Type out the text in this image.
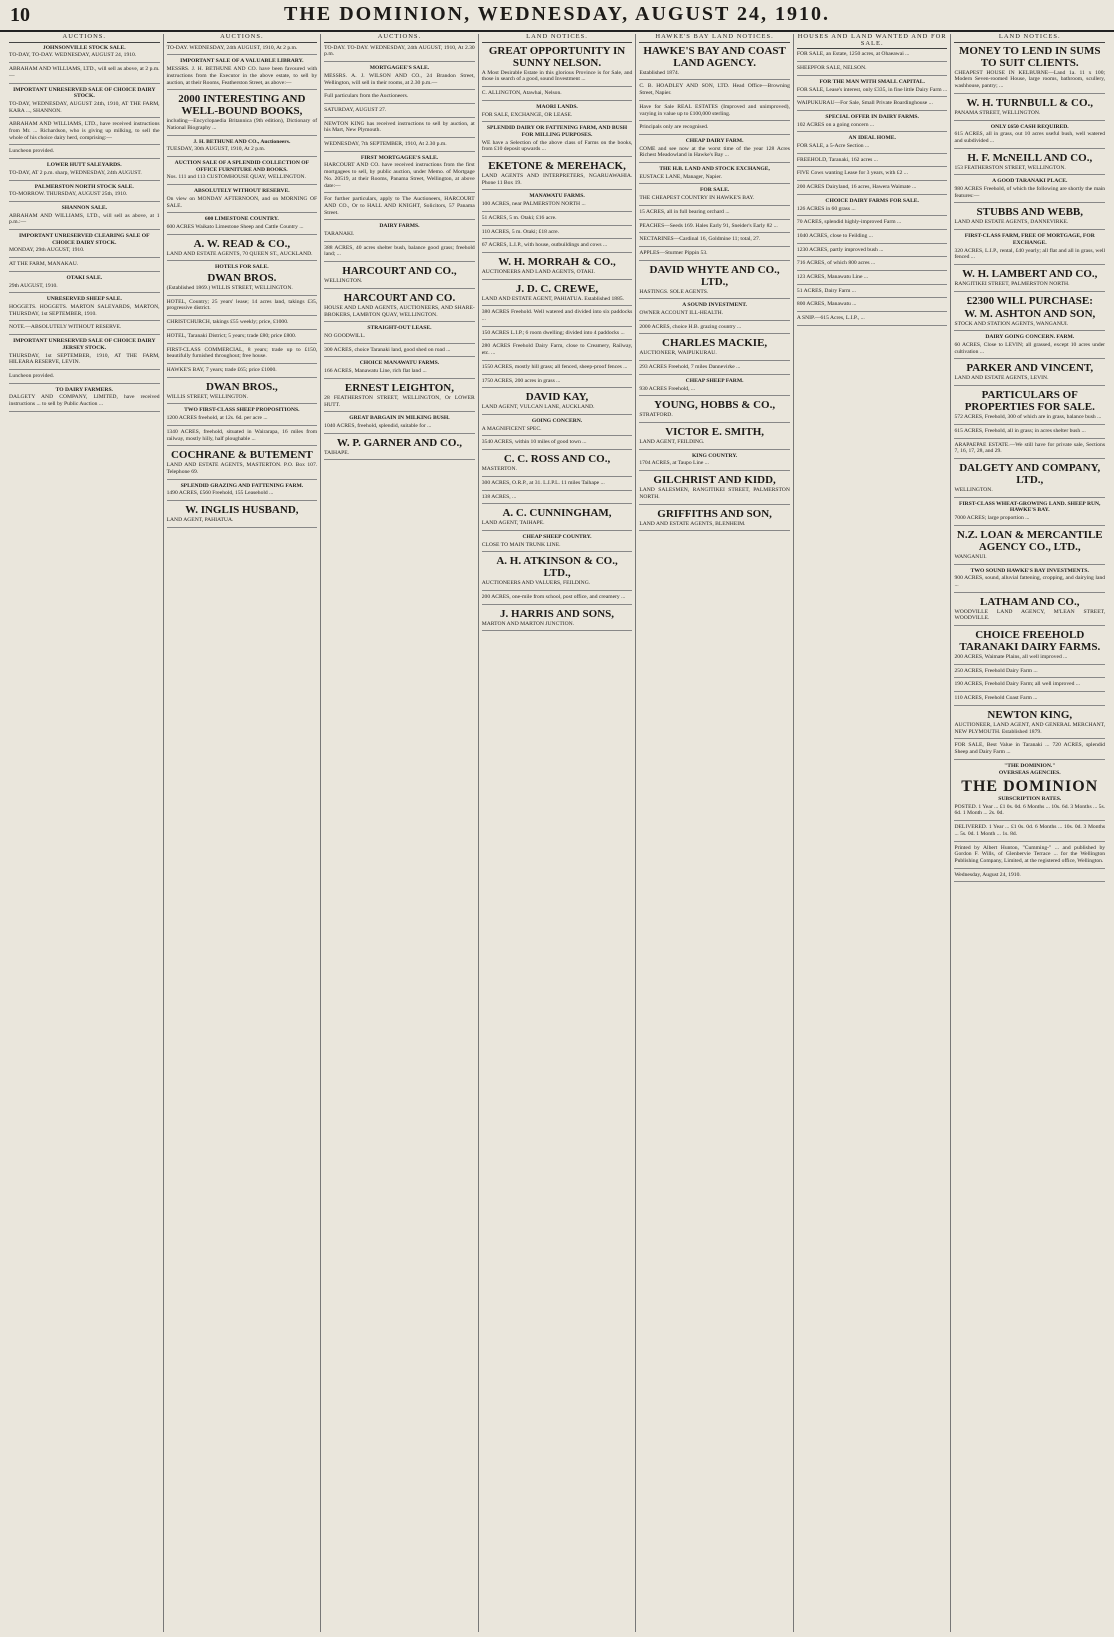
10	THE DOMINION, WEDNESDAY, AUGUST 24, 1910.
AUCTIONS.
JOHNSONVILLE STOCK SALE.
TO-DAY, TO-DAY. WEDNESDAY, AUGUST 24, 1910.
ABRAHAM AND WILLIAMS, LTD., will sell as above, at 2 p.m.—
IMPORTANT UNRESERVED SALE OF CHOICE DAIRY STOCK.
TO-DAY, WEDNESDAY, AUGUST 24th, 1910, AT THE FARM, KARA ..., SHANNON.
ABRAHAM AND WILLIAMS, LTD., have received instructions from Mr. ... Richardson, who is giving up milking, to sell the whole of his choice dairy herd, comprising:—
Luncheon provided.
LOWER HUTT SALEYARDS.
TO-DAY, AT 2 p.m. sharp, WEDNESDAY, 24th AUGUST.
PALMERSTON NORTH STOCK SALE.
TO-MORROW. THURSDAY, AUGUST 25th, 1910.
SHANNON SALE.
ABRAHAM AND WILLIAMS, LTD., will sell as above, at 1 p.m.:—
IMPORTANT UNRESERVED CLEARING SALE OF CHOICE DAIRY STOCK.
MONDAY, 29th AUGUST, 1910.
AT THE FARM, MANAKAU.
OTAKI SALE.
29th AUGUST, 1910.
UNRESERVED SHEEP SALE.
HOGGETS. HOGGETS. MARTON SALEYARDS, MARTON, THURSDAY, 1st SEPTEMBER, 1910.
NOTE.—ABSOLUTELY WITHOUT RESERVE.
IMPORTANT UNRESERVED SALE OF CHOICE DAIRY JERSEY STOCK.
THURSDAY, 1st SEPTEMBER, 1910, AT THE FARM, HILEARA RESERVE, LEVIN.
Luncheon provided.
TO DAIRY FARMERS.
DALGETY AND COMPANY, LIMITED, have received instructions ... to sell by Public Auction ...
AUCTIONS.
TO-DAY. WEDNESDAY, 24th AUGUST, 1910, At 2 p.m.
IMPORTANT SALE OF A VALUABLE LIBRARY.
MESSRS. J. H. BETHUNE AND CO. have been favoured with instructions from the Executor in the above estate, to sell by auction, at their Rooms, Featherston Street, as above:—
2000 INTERESTING AND WELL-BOUND BOOKS,
including—Encyclopaedia Britannica (9th edition), Dictionary of National Biography ...
J. H. BETHUNE AND CO., Auctioneers.
TUESDAY, 30th AUGUST, 1910, At 2 p.m.
AUCTION SALE OF A SPLENDID COLLECTION OF OFFICE FURNITURE AND BOOKS.
Nos. 111 and 113 CUSTOMHOUSE QUAY, WELLINGTON.
ABSOLUTELY WITHOUT RESERVE.
On view on MONDAY AFTERNOON, and on MORNING OF SALE.
600 LIMESTONE COUNTRY.
600 ACRES Waikato Limestone Sheep and Cattle Country ...
A. W. READ & CO.,
LAND AND ESTATE AGENTS, 70 QUEEN ST., AUCKLAND.
HOTELS FOR SALE.
DWAN BROS.
(Established 1869.) WILLIS STREET, WELLINGTON.
HOTEL, Country; 25 years' lease; 14 acres land, takings £35, progressive district.
CHRISTCHURCH, takings £55 weekly; price, £1000.
HOTEL, Taranaki District; 5 years; trade £80; price £800.
FIRST-CLASS COMMERCIAL, 8 years; trade up to £150, beautifully furnished throughout; free house.
HAWKE'S BAY, 7 years; trade £65; price £1000.
DWAN BROS.,
WILLIS STREET, WELLINGTON.
TWO FIRST-CLASS SHEEP PROPOSITIONS.
1200 ACRES freehold, at 12s. 6d. per acre ...
1340 ACRES, freehold, situated in Wairarapa, 16 miles from railway, mostly hilly, half ploughable ...
COCHRANE & BUTEMENT
LAND AND ESTATE AGENTS, MASTERTON. P.O. Box 107. Telephone 69.
SPLENDID GRAZING AND FATTENING FARM.
1490 ACRES, £560 Freehold, 155 Leasehold ...
W. INGLIS HUSBAND,
LAND AGENT, PAHIATUA.
AUCTIONS.
TO-DAY. TO-DAY. WEDNESDAY, 24th AUGUST, 1910, At 2.30 p.m.
MORTGAGEE'S SALE.
MESSRS. A. J. WILSON AND CO., 24 Brandon Street, Wellington, will sell in their rooms, at 2.30 p.m.—
Full particulars from the Auctioneers.
SATURDAY, AUGUST 27.
NEWTON KING has received instructions to sell by auction, at his Mart, New Plymouth.
WEDNESDAY, 7th SEPTEMBER, 1910, At 2.30 p.m.
FIRST MORTGAGEE'S SALE.
HARCOURT AND CO. have received instructions from the first mortgagees to sell, by public auction, under Memo. of Mortgage No. 20519, at their Rooms, Panama Street, Wellington, at above date:—
For further particulars, apply to The Auctioneers, HARCOURT AND CO., Or to HALL AND KNIGHT, Solicitors, 57 Panama Street.
DAIRY FARMS.
TARANAKI.
388 ACRES, 40 acres shelter bush, balance good grass; freehold land; ...
HARCOURT AND CO.,
WELLINGTON.
HARCOURT AND CO.
HOUSE AND LAND AGENTS, AUCTIONEERS, AND SHARE-BROKERS, LAMBTON QUAY, WELLINGTON.
STRAIGHT-OUT LEASE.
NO GOODWILL.
300 ACRES, choice Taranaki land, good shed on road ...
CHOICE MANAWATU FARMS.
166 ACRES, Manawatu Line, rich flat land ...
ERNEST LEIGHTON,
28 FEATHERSTON STREET, WELLINGTON, Or LOWER HUTT.
GREAT BARGAIN IN MILKING BUSH.
1040 ACRES, freehold, splendid, suitable for ...
W. P. GARNER AND CO.,
TAIHAPE.
LAND NOTICES.
GREAT OPPORTUNITY IN SUNNY NELSON.
A Most Desirable Estate in this glorious Province is for Sale, and those in search of a good, sound Investment ...
C. ALLINGTON, Atawhai, Nelson.
MAORI LANDS.
FOR SALE, EXCHANGE, OR LEASE.
SPLENDID DAIRY OR FATTENING FARM, AND BUSH FOR MILLING PURPOSES.
WE have a Selection of the above class of Farms on the books, from £10 deposit upwards ...
EKETONE & MEREHACK,
LAND AGENTS AND INTERPRETERS, NGARUAWAHIA. Phone 11 Box 19.
MANAWATU FARMS.
100 ACRES, near PALMERSTON NORTH ...
51 ACRES, 5 m. Otaki; £16 acre.
110 ACRES, 5 m. Otaki; £18 acre.
67 ACRES, L.I.P., with house, outbuildings and cows ...
W. H. MORRAH & CO.,
AUCTIONEERS AND LAND AGENTS, OTAKI.
J. D. C. CREWE,
LAND AND ESTATE AGENT, PAHIATUA. Established 1885.
380 ACRES Freehold. Well watered and divided into six paddocks ...
150 ACRES L.I.P.; 6 room dwelling; divided into 4 paddocks ...
280 ACRES Freehold Dairy Farm, close to Creamery, Railway, etc. ...
1550 ACRES, mostly hill grass; all fenced, sheep-proof fences ...
1750 ACRES, 200 acres in grass ...
DAVID KAY,
LAND AGENT, VULCAN LANE, AUCKLAND.
GOING CONCERN.
A MAGNIFICENT SPEC.
3540 ACRES, within 10 miles of good town ...
C. C. ROSS AND CO.,
MASTERTON.
300 ACRES, O.R.P., at 31. L.I.P.L. 11 miles Taihape ...
138 ACRES, ...
A. C. CUNNINGHAM,
LAND AGENT, TAIHAPE.
CHEAP SHEEP COUNTRY.
CLOSE TO MAIN TRUNK LINE.
A. H. ATKINSON & CO., LTD.,
AUCTIONEERS AND VALUERS, FEILDING.
200 ACRES, one-mile from school, post office, and creamery ...
J. HARRIS AND SONS,
MARTON AND MARTON JUNCTION.
HAWKE'S BAY LAND NOTICES.
HAWKE'S BAY AND COAST LAND AGENCY.
Established 1874.
C. B. HOADLEY AND SON, LTD. Head Office—Browning Street, Napier.
Have for Sale REAL ESTATES (Improved and unimproved), varying in value up to £100,000 sterling.
Principals only are recognised.
CHEAP DAIRY FARM.
COME and see now at the worst time of the year 128 Acres Richest Meadowland in Hawke's Bay ...
THE H.B. LAND AND STOCK EXCHANGE,
EUSTACE LANE, Manager, Napier.
FOR SALE.
THE CHEAPEST COUNTRY IN HAWKE'S BAY.
15 ACRES, all in full bearing orchard ...
PEACHES—Seeds 169. Hales Early 91, Sneider's Early 82 ...
NECTARINES—Cardinal 16, Goldmine 11; total, 27.
APPLES—Sturmer Pippin 53.
DAVID WHYTE AND CO., LTD.,
HASTINGS. SOLE AGENTS.
A SOUND INVESTMENT.
OWNER ACCOUNT ILL-HEALTH.
2000 ACRES, choice H.B. grazing country ...
CHARLES MACKIE,
AUCTIONEER, WAIPUKURAU.
293 ACRES Freehold, 7 miles Dannevirke ...
CHEAP SHEEP FARM.
930 ACRES Freehold, ...
YOUNG, HOBBS & CO.,
STRATFORD.
VICTOR E. SMITH,
LAND AGENT, FEILDING.
KING COUNTRY.
1704 ACRES, at Taupo Line ...
GILCHRIST AND KIDD,
LAND SALESMEN, RANGITIKEI STREET, PALMERSTON NORTH.
GRIFFITHS AND SON,
LAND AND ESTATE AGENTS, BLENHEIM.
HOUSES AND LAND WANTED AND FOR SALE.
FOR SALE, an Estate, 1250 acres, at Ohaeawai ...
SHEEPFOR SALE, NELSON.
FOR THE MAN WITH SMALL CAPITAL.
FOR SALE, Lease's interest, only £335, in fine little Dairy Farm ...
WAIPUKURAU—For Sale, Small Private Boardinghouse ...
SPECIAL OFFER IN DAIRY FARMS.
102 ACRES on a going concern ...
AN IDEAL HOME.
FOR SALE, a 5-Acre Section ...
FREEHOLD, Taranaki, 162 acres ...
FIVE Cows wanting Lease for 3 years, with £2 ...
200 ACRES Dairyland, 16 acres, Hawera Waimate ...
CHOICE DAIRY FARMS FOR SALE.
126 ACRES in 60 grass ...
70 ACRES, splendid highly-improved Farm ...
1040 ACRES, close to Feilding ...
1230 ACRES, partly improved bush ...
716 ACRES, of which 800 acres ...
123 ACRES, Manawatu Line ...
51 ACRES, Dairy Farm ...
800 ACRES, Manawatu ...
A SNIP.—615 Acres, L.I.P., ...
LAND NOTICES.
MONEY TO LEND IN SUMS TO SUIT CLIENTS.
CHEAPEST HOUSE IN KELBURNE—Land 1a. 11 x 100; Modern Seven-roomed House, large rooms, bathroom, scullery, washhouse, pantry; ...
W. H. TURNBULL & CO.,
PANAMA STREET, WELLINGTON.
ONLY £650 CASH REQUIRED.
615 ACRES, all in grass, out 10 acres useful bush, well watered and subdivided ...
H. F. McNEILL AND CO.,
153 FEATHERSTON STREET, WELLINGTON.
A GOOD TARANAKI PLACE.
980 ACRES Freehold, of which the following are shortly the main features:—
STUBBS AND WEBB,
LAND AND ESTATE AGENTS, DANNEVIRKE.
FIRST-CLASS FARM, FREE OF MORTGAGE, FOR EXCHANGE.
320 ACRES, L.I.P., rental, £40 yearly; all flat and all in grass, well fenced ...
W. H. LAMBERT AND CO.,
RANGITIKEI STREET, PALMERSTON NORTH.
£2300 WILL PURCHASE:
W. M. ASHTON AND SON,
STOCK AND STATION AGENTS, WANGANUI.
DAIRY GOING CONCERN. FARM.
60 ACRES, Close to LEVIN; all grassed, except 10 acres under cultivation ...
PARKER AND VINCENT,
LAND AND ESTATE AGENTS, LEVIN.
PARTICULARS OF PROPERTIES FOR SALE.
572 ACRES, Freehold, 300 of which are in grass, balance bush ...
615 ACRES, Freehold, all in grass; in acres shelter bush ...
ARAPAEPAE ESTATE.—We still have for private sale, Sections 7, 16, 17, 28, and 29.
DALGETY AND COMPANY, LTD.,
WELLINGTON.
FIRST-CLASS WHEAT-GROWING LAND. SHEEP RUN, HAWKE'S BAY.
7000 ACRES; large proportion ...
N.Z. LOAN & MERCANTILE AGENCY CO., LTD.,
WANGANUI.
TWO SOUND HAWKE'S BAY INVESTMENTS.
900 ACRES, sound, alluvial fattening, cropping, and dairying land ...
LATHAM AND CO.,
WOODVILLE LAND AGENCY, M'LEAN STREET, WOODVILLE.
CHOICE FREEHOLD TARANAKI DAIRY FARMS.
200 ACRES, Waimate Plains, all well improved ...
250 ACRES, Freehold Dairy Farm ...
190 ACRES, Freehold Dairy Farm; all well improved ...
110 ACRES, Freehold Coast Farm ...
NEWTON KING,
AUCTIONEER, LAND AGENT, AND GENERAL MERCHANT, NEW PLYMOUTH. Established 1879.
FOR SALE, Best Value in Taranaki ... 720 ACRES, splendid Sheep and Dairy Farm ...
"THE DOMINION."
OVERSEAS AGENCIES.
THE DOMINION
SUBSCRIPTION RATES.
POSTED. 1 Year ... £1 0s. 0d. 6 Months ... 10s. 6d. 3 Months ... 5s. 6d. 1 Month ... 2s. 0d.
DELIVERED. 1 Year ... £1 0s. 0d. 6 Months ... 10s. 0d. 3 Months ... 5s. 0d. 1 Month ... 1s. 8d.
Printed by Albert Hunton, "Cumming-" ... and published by Gordon F. Wills, of Glenbervie Terrace ... for the Wellington Publishing Company, Limited, at the registered office, Wellington.
Wednesday, August 24, 1910.
